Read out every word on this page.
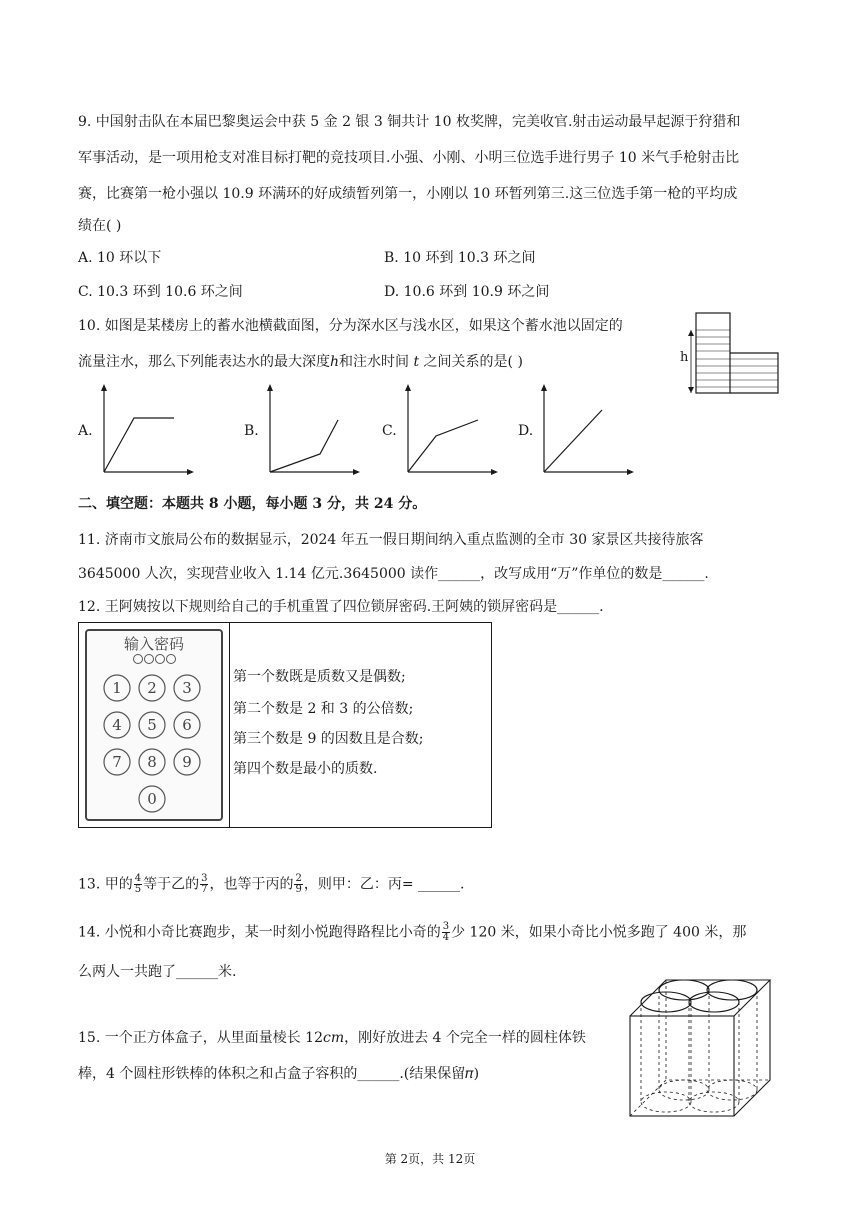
9. 中国射击队在本届巴黎奥运会中获 5 金 2 银 3 铜共计 10 枚奖牌，完美收官.射击运动最早起源于狩猎和
军事活动，是一项用枪支对准目标打靶的竞技项目.小强、小刚、小明三位选手进行男子 10 米气手枪射击比
赛，比赛第一枪小强以 10.9 环满环的好成绩暂列第一，小刚以 10 环暂列第三.这三位选手第一枪的平均成
绩在( )
A. 10 环以下	B. 10 环到 10.3 环之间
C. 10.3 环到 10.6 环之间	D. 10.6 环到 10.9 环之间
10. 如图是某楼房上的蓄水池横截面图，分为深水区与浅水区，如果这个蓄水池以固定的
流量注水，那么下列能表达水的最大深度ℎ和注水时间 𝑡 之间关系的是( )	h
A.	B.	C.	D.
二、填空题：本题共 8 小题，每小题 3 分，共 24 分。
11. 济南市文旅局公布的数据显示，2024 年五一假日期间纳入重点监测的全市 30 家景区共接待旅客
3645000 人次，实现营业收入 1.14 亿元.3645000 读作______，改写成用“万”作单位的数是______.
12. 王阿姨按以下规则给自己的手机重置了四位锁屏密码.王阿姨的锁屏密码是______.
输入密码
1	2	3
4	5	6
7	8	9
0
第一个数既是质数又是偶数;
第二个数是 2 和 3 的公倍数;
第三个数是 9 的因数且是合数;
第四个数是最小的质数.
13. 甲的 $\frac{4}{5}$ 等于乙的 $\frac{3}{7}$ ，也等于丙的 $\frac{2}{9}$ ，则甲：乙：丙= ______.
14. 小悦和小奇比赛跑步，某一时刻小悦跑得路程比小奇的 $\frac{3}{4}$ 少 120 米，如果小奇比小悦多跑了 400 米，那
么两人一共跑了______米.
15. 一个正方体盒子，从里面量棱长 12𝑐𝑚，刚好放进去 4 个完全一样的圆柱体铁
棒，4 个圆柱形铁棒的体积之和占盒子容积的______.(结果保留𝜋)
第 2页，共 12页
